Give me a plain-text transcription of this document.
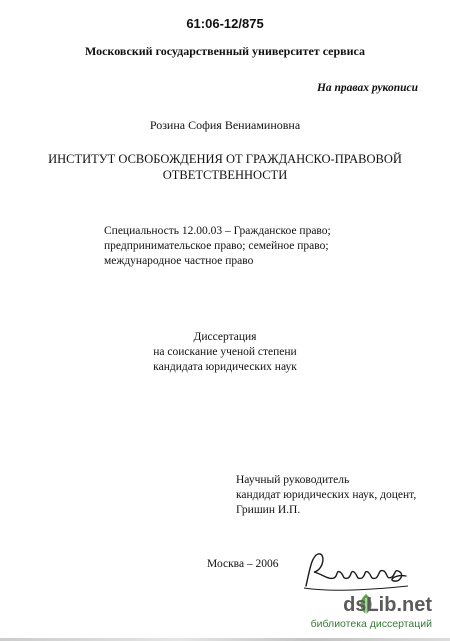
61:06-12/875
Московский государственный университет сервиса
На правах рукописи
Розина София Вениаминовна
ИНСТИТУТ ОСВОБОЖДЕНИЯ ОТ ГРАЖДАНСКО-ПРАВОВОЙ
ОТВЕТСТВЕННОСТИ
Специальность 12.00.03 – Гражданское право;
предпринимательское право; семейное право;
международное частное право
Диссертация
на соискание ученой степени
кандидата юридических наук
Научный руководитель
кандидат юридических наук, доцент,
Гришин И.П.
Москва – 2006
dsLib.net
библиотека диссертаций
